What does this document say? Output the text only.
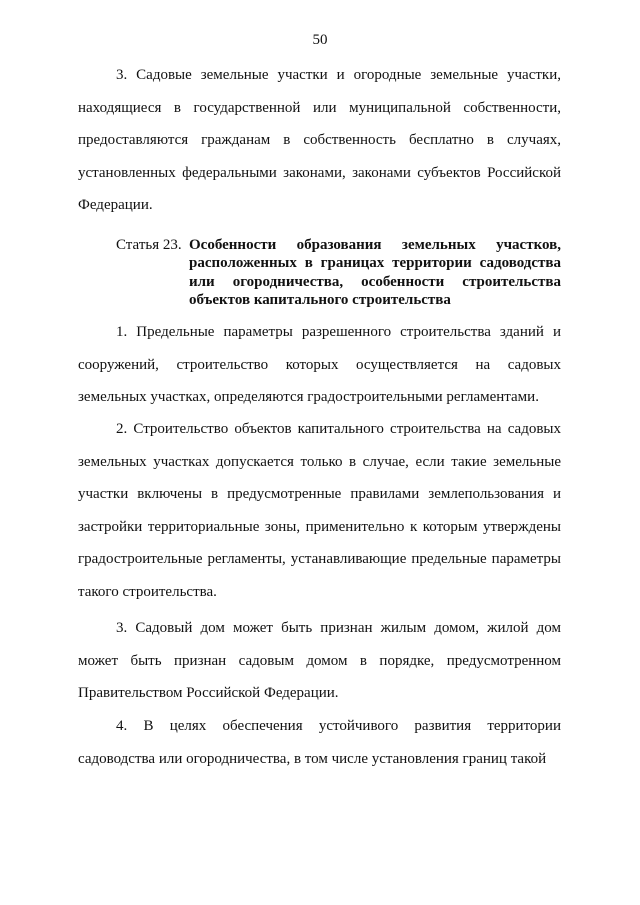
50

3. Садовые земельные участки и огородные земельные участки, находящиеся в государственной или муниципальной собственности, предоставляются гражданам в собственность бесплатно в случаях, установленных федеральными законами, законами субъектов Российской Федерации.

Статья 23. Особенности образования земельных участков, расположенных в границах территории садоводства или огородничества, особенности строительства объектов капитального строительства

1. Предельные параметры разрешенного строительства зданий и сооружений, строительство которых осуществляется на садовых земельных участках, определяются градостроительными регламентами.

2. Строительство объектов капитального строительства на садовых земельных участках допускается только в случае, если такие земельные участки включены в предусмотренные правилами землепользования и застройки территориальные зоны, применительно к которым утверждены градостроительные регламенты, устанавливающие предельные параметры такого строительства.

3. Садовый дом может быть признан жилым домом, жилой дом может быть признан садовым домом в порядке, предусмотренном Правительством Российской Федерации.

4. В целях обеспечения устойчивого развития территории садоводства или огородничества, в том числе установления границ такой
